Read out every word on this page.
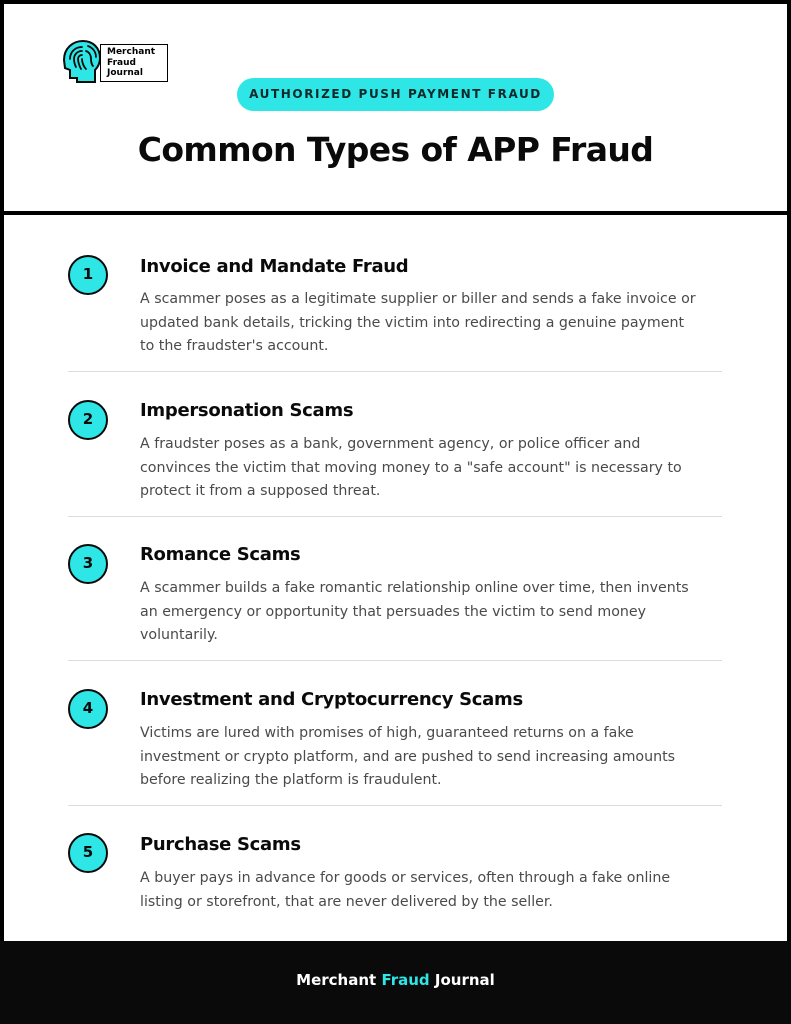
Merchant
Fraud
Journal
AUTHORIZED PUSH PAYMENT FRAUD
Common Types of APP Fraud
1	Invoice and Mandate Fraud
A scammer poses as a legitimate supplier or biller and sends a fake invoice or updated bank details, tricking the victim into redirecting a genuine payment to the fraudster's account.
2	Impersonation Scams
A fraudster poses as a bank, government agency, or police officer and convinces the victim that moving money to a "safe account" is necessary to protect it from a supposed threat.
3	Romance Scams
A scammer builds a fake romantic relationship online over time, then invents an emergency or opportunity that persuades the victim to send money voluntarily.
4	Investment and Cryptocurrency Scams
Victims are lured with promises of high, guaranteed returns on a fake investment or crypto platform, and are pushed to send increasing amounts before realizing the platform is fraudulent.
5	Purchase Scams
A buyer pays in advance for goods or services, often through a fake online listing or storefront, that are never delivered by the seller.
Merchant Fraud Journal
